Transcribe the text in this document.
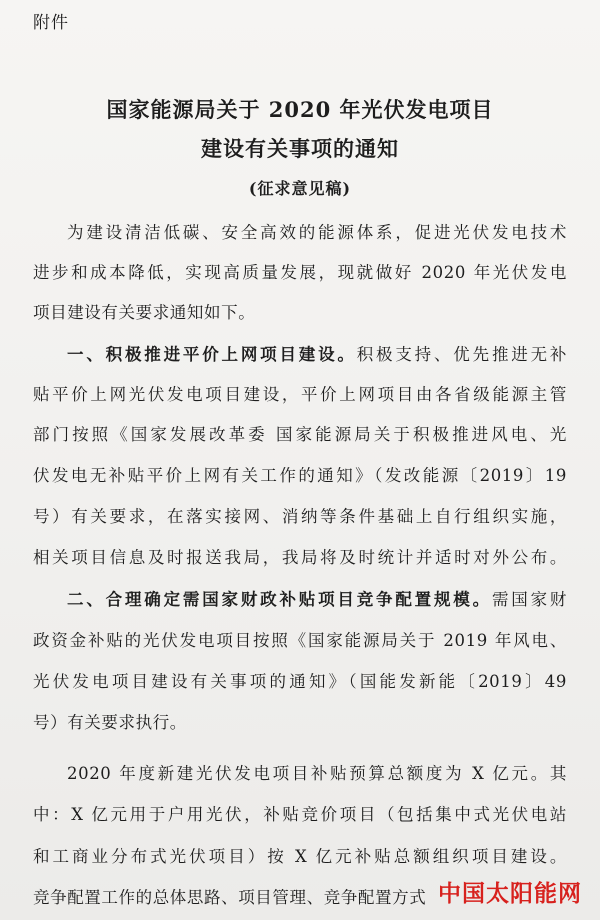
附件
国家能源局关于 2020 年光伏发电项目
建设有关事项的通知
(征求意见稿)
为建设清洁低碳、安全高效的能源体系，促进光伏发电技术
进步和成本降低，实现高质量发展，现就做好 2020 年光伏发电
项目建设有关要求通知如下。
一、积极推进平价上网项目建设。积极支持、优先推进无补
贴平价上网光伏发电项目建设，平价上网项目由各省级能源主管
部门按照《国家发展改革委 国家能源局关于积极推进风电、光
伏发电无补贴平价上网有关工作的通知》（发改能源〔2019〕19
号）有关要求，在落实接网、消纳等条件基础上自行组织实施，
相关项目信息及时报送我局，我局将及时统计并适时对外公布。
二、合理确定需国家财政补贴项目竞争配置规模。需国家财
政资金补贴的光伏发电项目按照《国家能源局关于 2019 年风电、
光伏发电项目建设有关事项的通知》（国能发新能〔2019〕49
号）有关要求执行。
2020 年度新建光伏发电项目补贴预算总额度为 X 亿元。其
中：X 亿元用于户用光伏，补贴竞价项目（包括集中式光伏电站
和工商业分布式光伏项目）按 X 亿元补贴总额组织项目建设。
竞争配置工作的总体思路、项目管理、竞争配置方式 中国太阳能网
